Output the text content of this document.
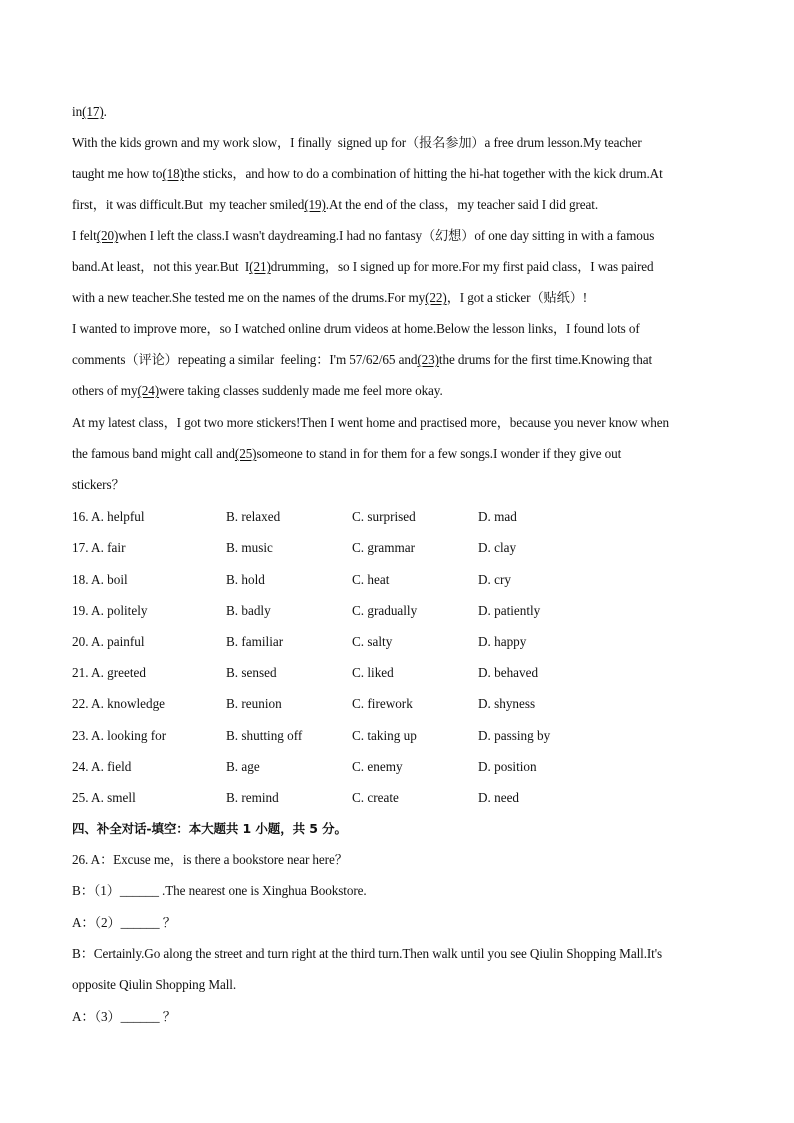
in(17).
With the kids grown and my work slow，I finally  signed up for（报名参加）a free drum lesson.My teacher
taught me how to(18)the sticks，and how to do a combination of hitting the hi-hat together with the kick drum.At
first，it was difficult.But  my teacher smiled(19).At the end of the class，my teacher said I did great.
I felt(20)when I left the class.I wasn't daydreaming.I had no fantasy（幻想）of one day sitting in with a famous
band.At least，not this year.But  I(21)drumming，so I signed up for more.For my first paid class，I was paired
with a new teacher.She tested me on the names of the drums.For my(22)，I got a sticker（贴纸）!
I wanted to improve more，so I watched online drum videos at home.Below the lesson links，I found lots of
comments（评论）repeating a similar  feeling：I'm 57/62/65 and(23)the drums for the first time.Knowing that
others of my(24)were taking classes suddenly made me feel more okay.
At my latest class，I got two more stickers!Then I went home and practised more，because you never know when
the famous band might call and(25)someone to stand in for them for a few songs.I wonder if they give out
stickers？
16. A. helpful	B. relaxed	C. surprised	D. mad
17. A. fair	B. music	C. grammar	D. clay
18. A. boil	B. hold	C. heat	D. cry
19. A. politely	B. badly	C. gradually	D. patiently
20. A. painful	B. familiar	C. salty	D. happy
21. A. greeted	B. sensed	C. liked	D. behaved
22. A. knowledge	B. reunion	C. firework	D. shyness
23. A. looking for	B. shutting off	C. taking up	D. passing by
24. A. field	B. age	C. enemy	D. position
25. A. smell	B. remind	C. create	D. need
四、补全对话-填空：本大题共 1 小题，共 5 分。
26. A：Excuse me，is there a bookstore near here？
B：（1）______ .The nearest one is Xinghua Bookstore.
A：（2）______ ？
B：Certainly.Go along the street and turn right at the third turn.Then walk until you see Qiulin Shopping Mall.It's
opposite Qiulin Shopping Mall.
A：（3）______ ？
